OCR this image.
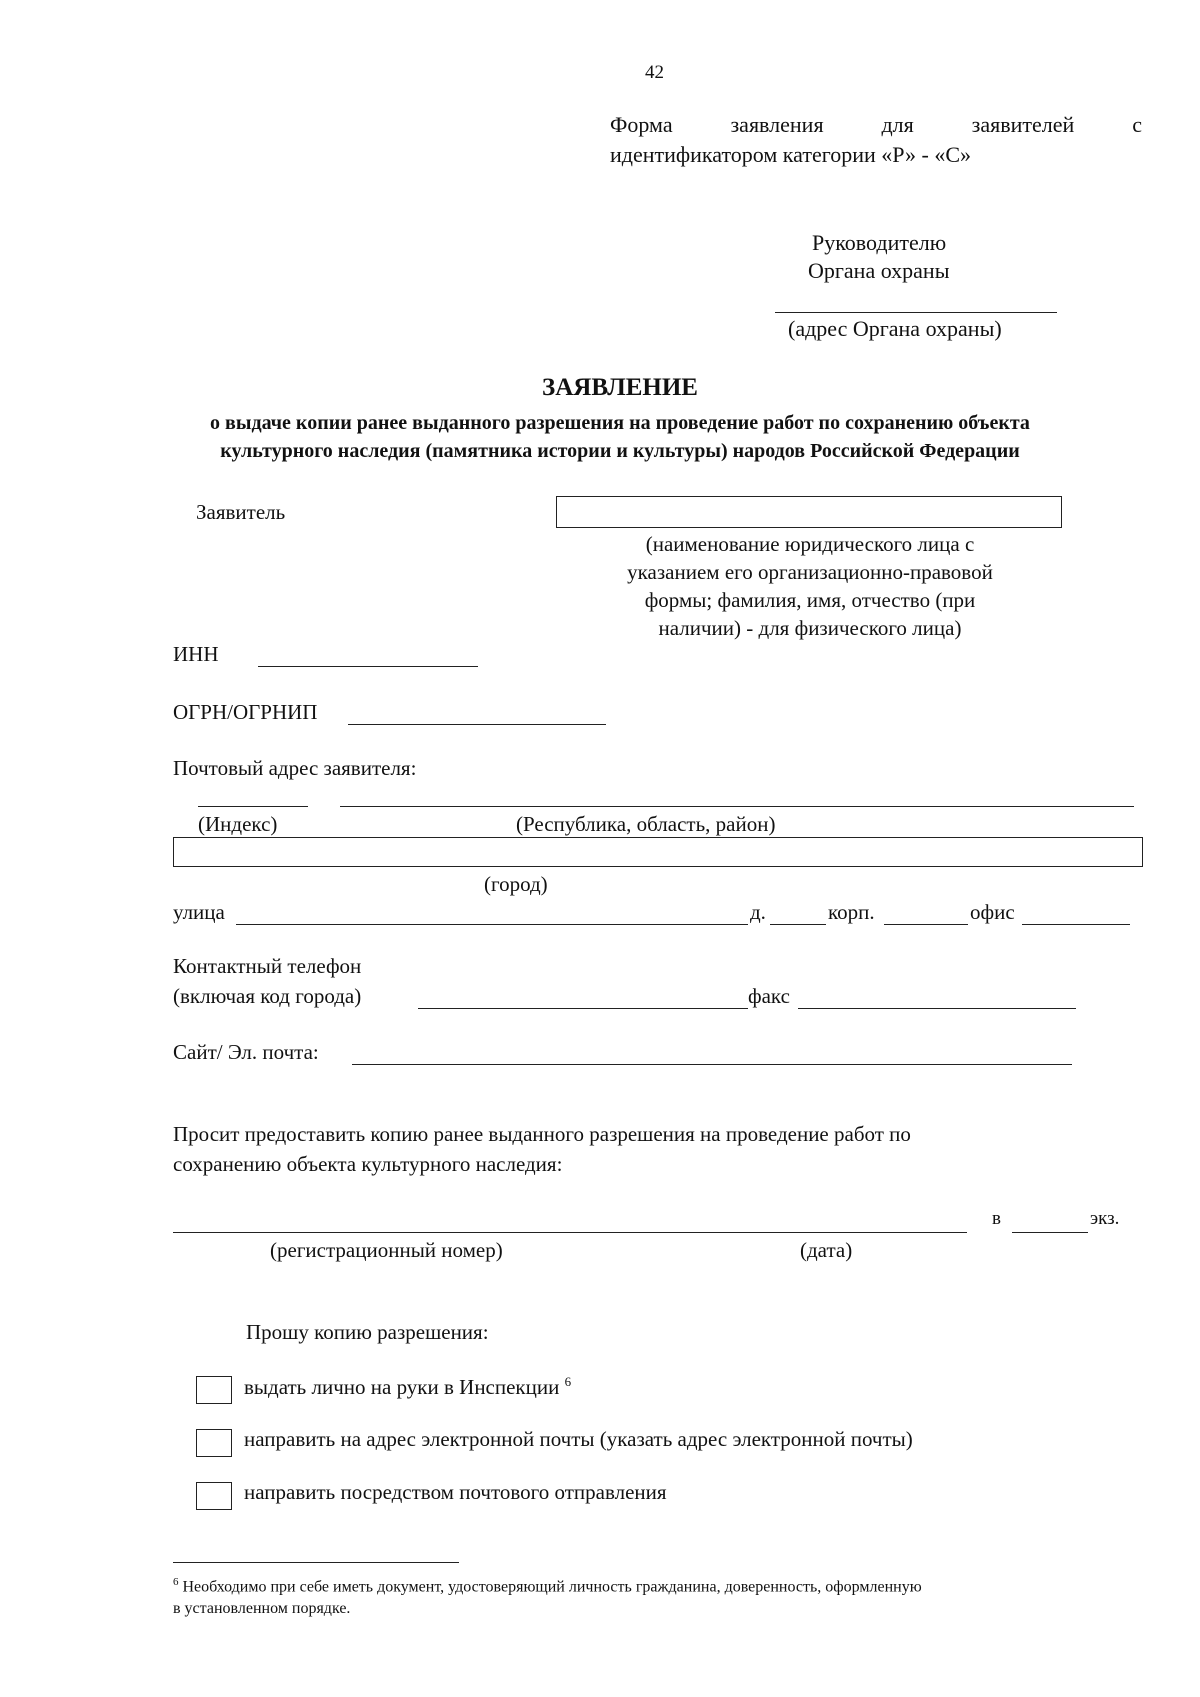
42
Форма	заявления	для	заявителей	с
идентификатором категории «Р» - «С»
Руководителю
Органа охраны
(адрес Органа охраны)
ЗАЯВЛЕНИЕ
о выдаче копии ранее выданного разрешения на проведение работ по сохранению объекта
культурного наследия (памятника истории и культуры) народов Российской Федерации
Заявитель
(наименование юридического лица с
указанием его организационно-правовой
формы; фамилия, имя, отчество (при
наличии) - для физического лица)
ИНН
ОГРН/ОГРНИП
Почтовый адрес заявителя:
(Индекс)	(Республика, область, район)
(город)
улица	д.	корп.	офис
Контактный телефон
(включая код города)	факс
Сайт/ Эл. почта:
Просит предоставить копию ранее выданного разрешения на проведение работ по
сохранению объекта культурного наследия:
в	экз.
(регистрационный номер)	(дата)
Прошу копию разрешения:
выдать лично на руки в Инспекции $^6$
направить на адрес электронной почты (указать адрес электронной почты)
направить посредством почтового отправления
$^6$ Необходимо при себе иметь документ, удостоверяющий личность гражданина, доверенность, оформленную
в установленном порядке.
